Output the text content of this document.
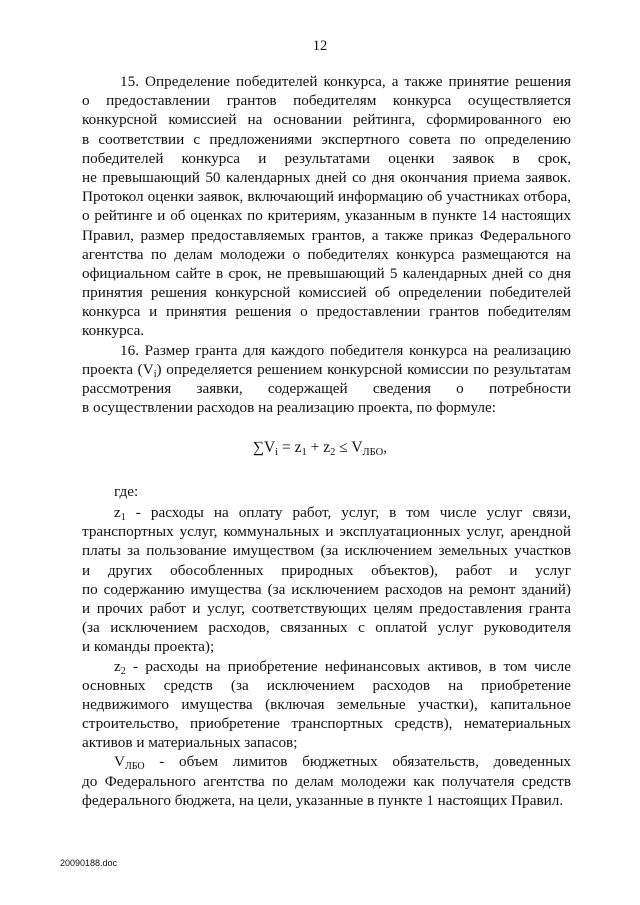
12
15. Определение победителей конкурса, а также принятие решения
о предоставлении грантов победителям конкурса осуществляется
конкурсной комиссией на основании рейтинга, сформированного ею
в соответствии с предложениями экспертного совета по определению
победителей конкурса и результатами оценки заявок в срок,
не превышающий 50 календарных дней со дня окончания приема заявок.
Протокол оценки заявок, включающий информацию об участниках отбора,
о рейтинге и об оценках по критериям, указанным в пункте 14 настоящих
Правил, размер предоставляемых грантов, а также приказ Федерального
агентства по делам молодежи о победителях конкурса размещаются на
официальном сайте в срок, не превышающий 5 календарных дней со дня
принятия решения конкурсной комиссией об определении победителей
конкурса и принятия решения о предоставлении грантов победителям
конкурса.
16. Размер гранта для каждого победителя конкурса на реализацию
проекта $(V_i)$ определяется решением конкурсной комиссии по результатам
рассмотрения заявки, содержащей сведения о потребности
в осуществлении расходов на реализацию проекта, по формуле:
$\sum V_i = z_1 + z_2 \le V_{ЛБО}$,
где:
$z_1$ - расходы на оплату работ, услуг, в том числе услуг связи,
транспортных услуг, коммунальных и эксплуатационных услуг, арендной
платы за пользование имуществом (за исключением земельных участков
и других обособленных природных объектов), работ и услуг
по содержанию имущества (за исключением расходов на ремонт зданий)
и прочих работ и услуг, соответствующих целям предоставления гранта
(за исключением расходов, связанных с оплатой услуг руководителя
и команды проекта);
$z_2$ - расходы на приобретение нефинансовых активов, в том числе
основных средств (за исключением расходов на приобретение
недвижимого имущества (включая земельные участки), капитальное
строительство, приобретение транспортных средств), нематериальных
активов и материальных запасов;
$V_{ЛБО}$ - объем лимитов бюджетных обязательств, доведенных
до Федерального агентства по делам молодежи как получателя средств
федерального бюджета, на цели, указанные в пункте 1 настоящих Правил.
20090188.doc
